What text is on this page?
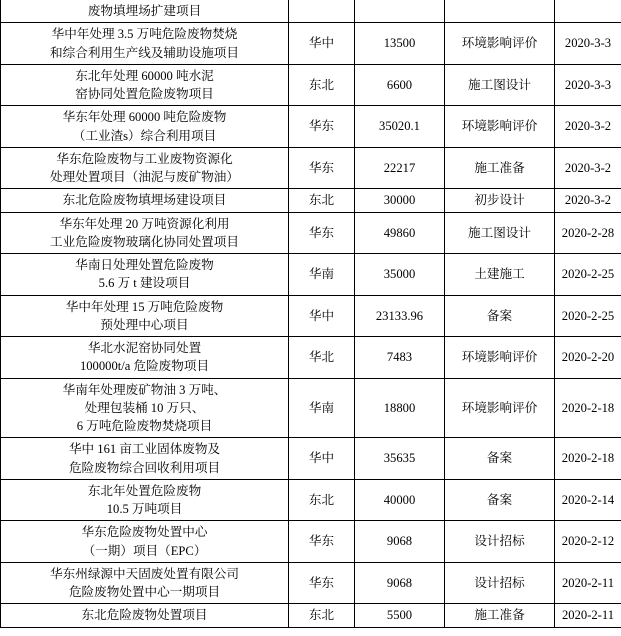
废物填埋场扩建项目				

华中年处理 3.5 万吨危险废物焚烧
和综合利用生产线及辅助设施项目	华中	13500	环境影响评价	2020-3-3

东北年处理 60000 吨水泥
窑协同处置危险废物项目	东北	6600	施工图设计	2020-3-3

华东年处理 60000 吨危险废物
（工业渣ѕ）综合利用项目	华东	35020.1	环境影响评价	2020-3-2

华东危险废物与工业废物资源化
处理处置项目（油泥与废矿物油）	华东	22217	施工准备	2020-3-2

东北危险废物填埋场建设项目	东北	30000	初步设计	2020-3-2

华东年处理 20 万吨资源化利用
工业危险废物玻璃化协同处置项目	华东	49860	施工图设计	2020-2-28

华南日处理处置危险废物
5.6 万 t 建设项目	华南	35000	土建施工	2020-2-25

华中年处理 15 万吨危险废物
预处理中心项目	华中	23133.96	备案	2020-2-25

华北水泥窑协同处置
100000t/a 危险废物项目	华北	7483	环境影响评价	2020-2-20

华南年处理废矿物油 3 万吨、
处理包装桶 10 万只、
6 万吨危险废物焚烧项目	华南	18800	环境影响评价	2020-2-18

华中 161 亩工业固体废物及
危险废物综合回收利用项目	华中	35635	备案	2020-2-18

东北年处置危险废物
10.5 万吨项目	东北	40000	备案	2020-2-14

华东危险废物处置中心
（一期）项目（EPC）	华东	9068	设计招标	2020-2-12

华东州绿源中天固废处置有限公司
危险废物处置中心一期项目	华东	9068	设计招标	2020-2-11

东北危险废物处置项目	东北	5500	施工准备	2020-2-11
